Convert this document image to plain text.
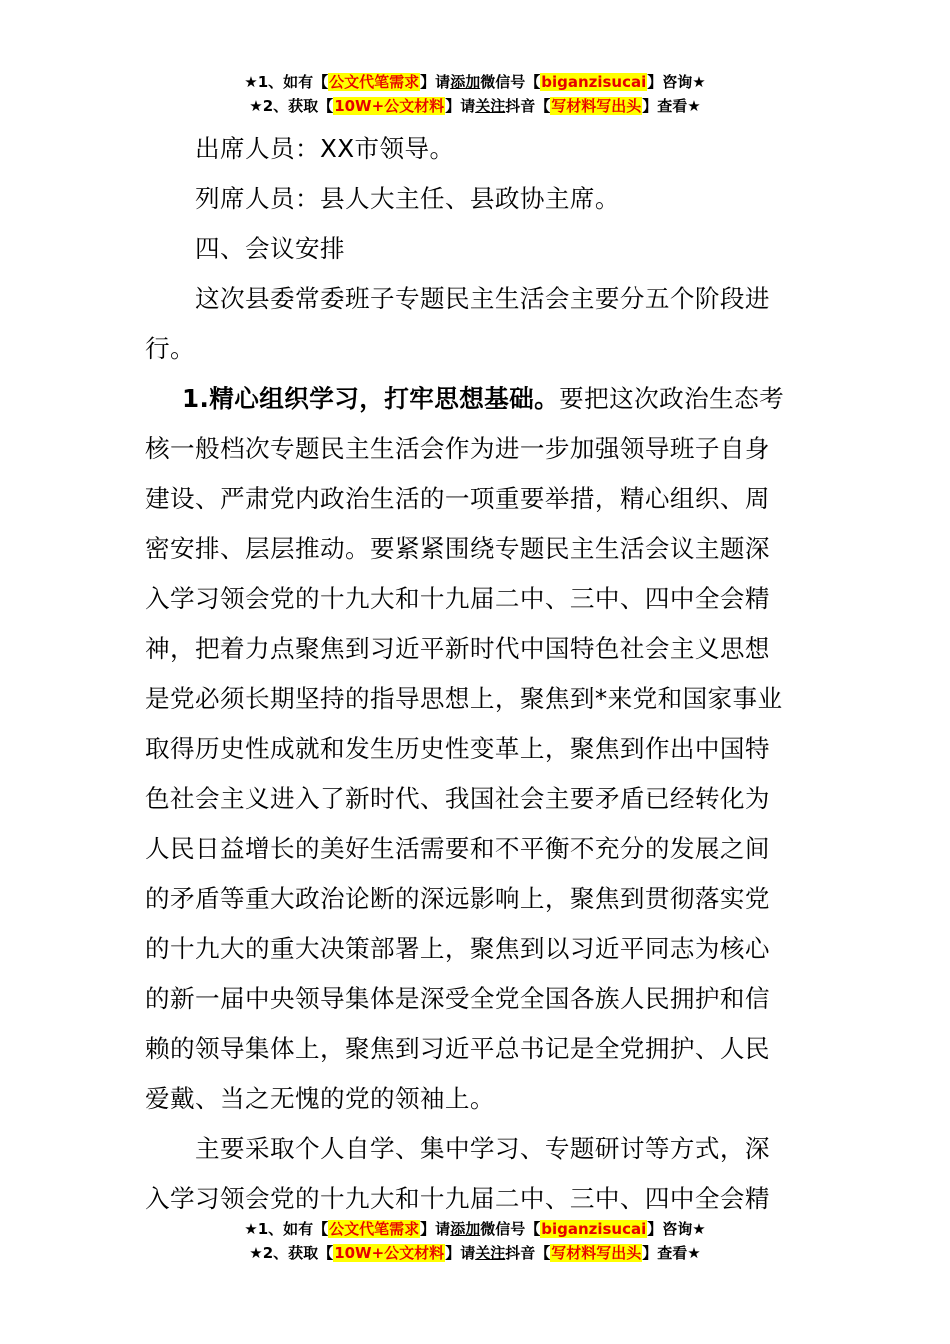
★1、如有【公文代笔需求】请添加微信号【biganzisucai】咨询★
★2、获取【10W+公文材料】请关注抖音【写材料写出头】查看★
出席人员：XX市领导。
列席人员：县人大主任、县政协主席。
四、会议安排
这次县委常委班子专题民主生活会主要分五个阶段进
行。
1.精心组织学习，打牢思想基础。要把这次政治生态考
核一般档次专题民主生活会作为进一步加强领导班子自身
建设、严肃党内政治生活的一项重要举措，精心组织、周
密安排、层层推动。要紧紧围绕专题民主生活会议主题深
入学习领会党的十九大和十九届二中、三中、四中全会精
神，把着力点聚焦到习近平新时代中国特色社会主义思想
是党必须长期坚持的指导思想上，聚焦到*来党和国家事业
取得历史性成就和发生历史性变革上，聚焦到作出中国特
色社会主义进入了新时代、我国社会主要矛盾已经转化为
人民日益增长的美好生活需要和不平衡不充分的发展之间
的矛盾等重大政治论断的深远影响上，聚焦到贯彻落实党
的十九大的重大决策部署上，聚焦到以习近平同志为核心
的新一届中央领导集体是深受全党全国各族人民拥护和信
赖的领导集体上，聚焦到习近平总书记是全党拥护、人民
爱戴、当之无愧的党的领袖上。
主要采取个人自学、集中学习、专题研讨等方式，深
入学习领会党的十九大和十九届二中、三中、四中全会精
★1、如有【公文代笔需求】请添加微信号【biganzisucai】咨询★
★2、获取【10W+公文材料】请关注抖音【写材料写出头】查看★
